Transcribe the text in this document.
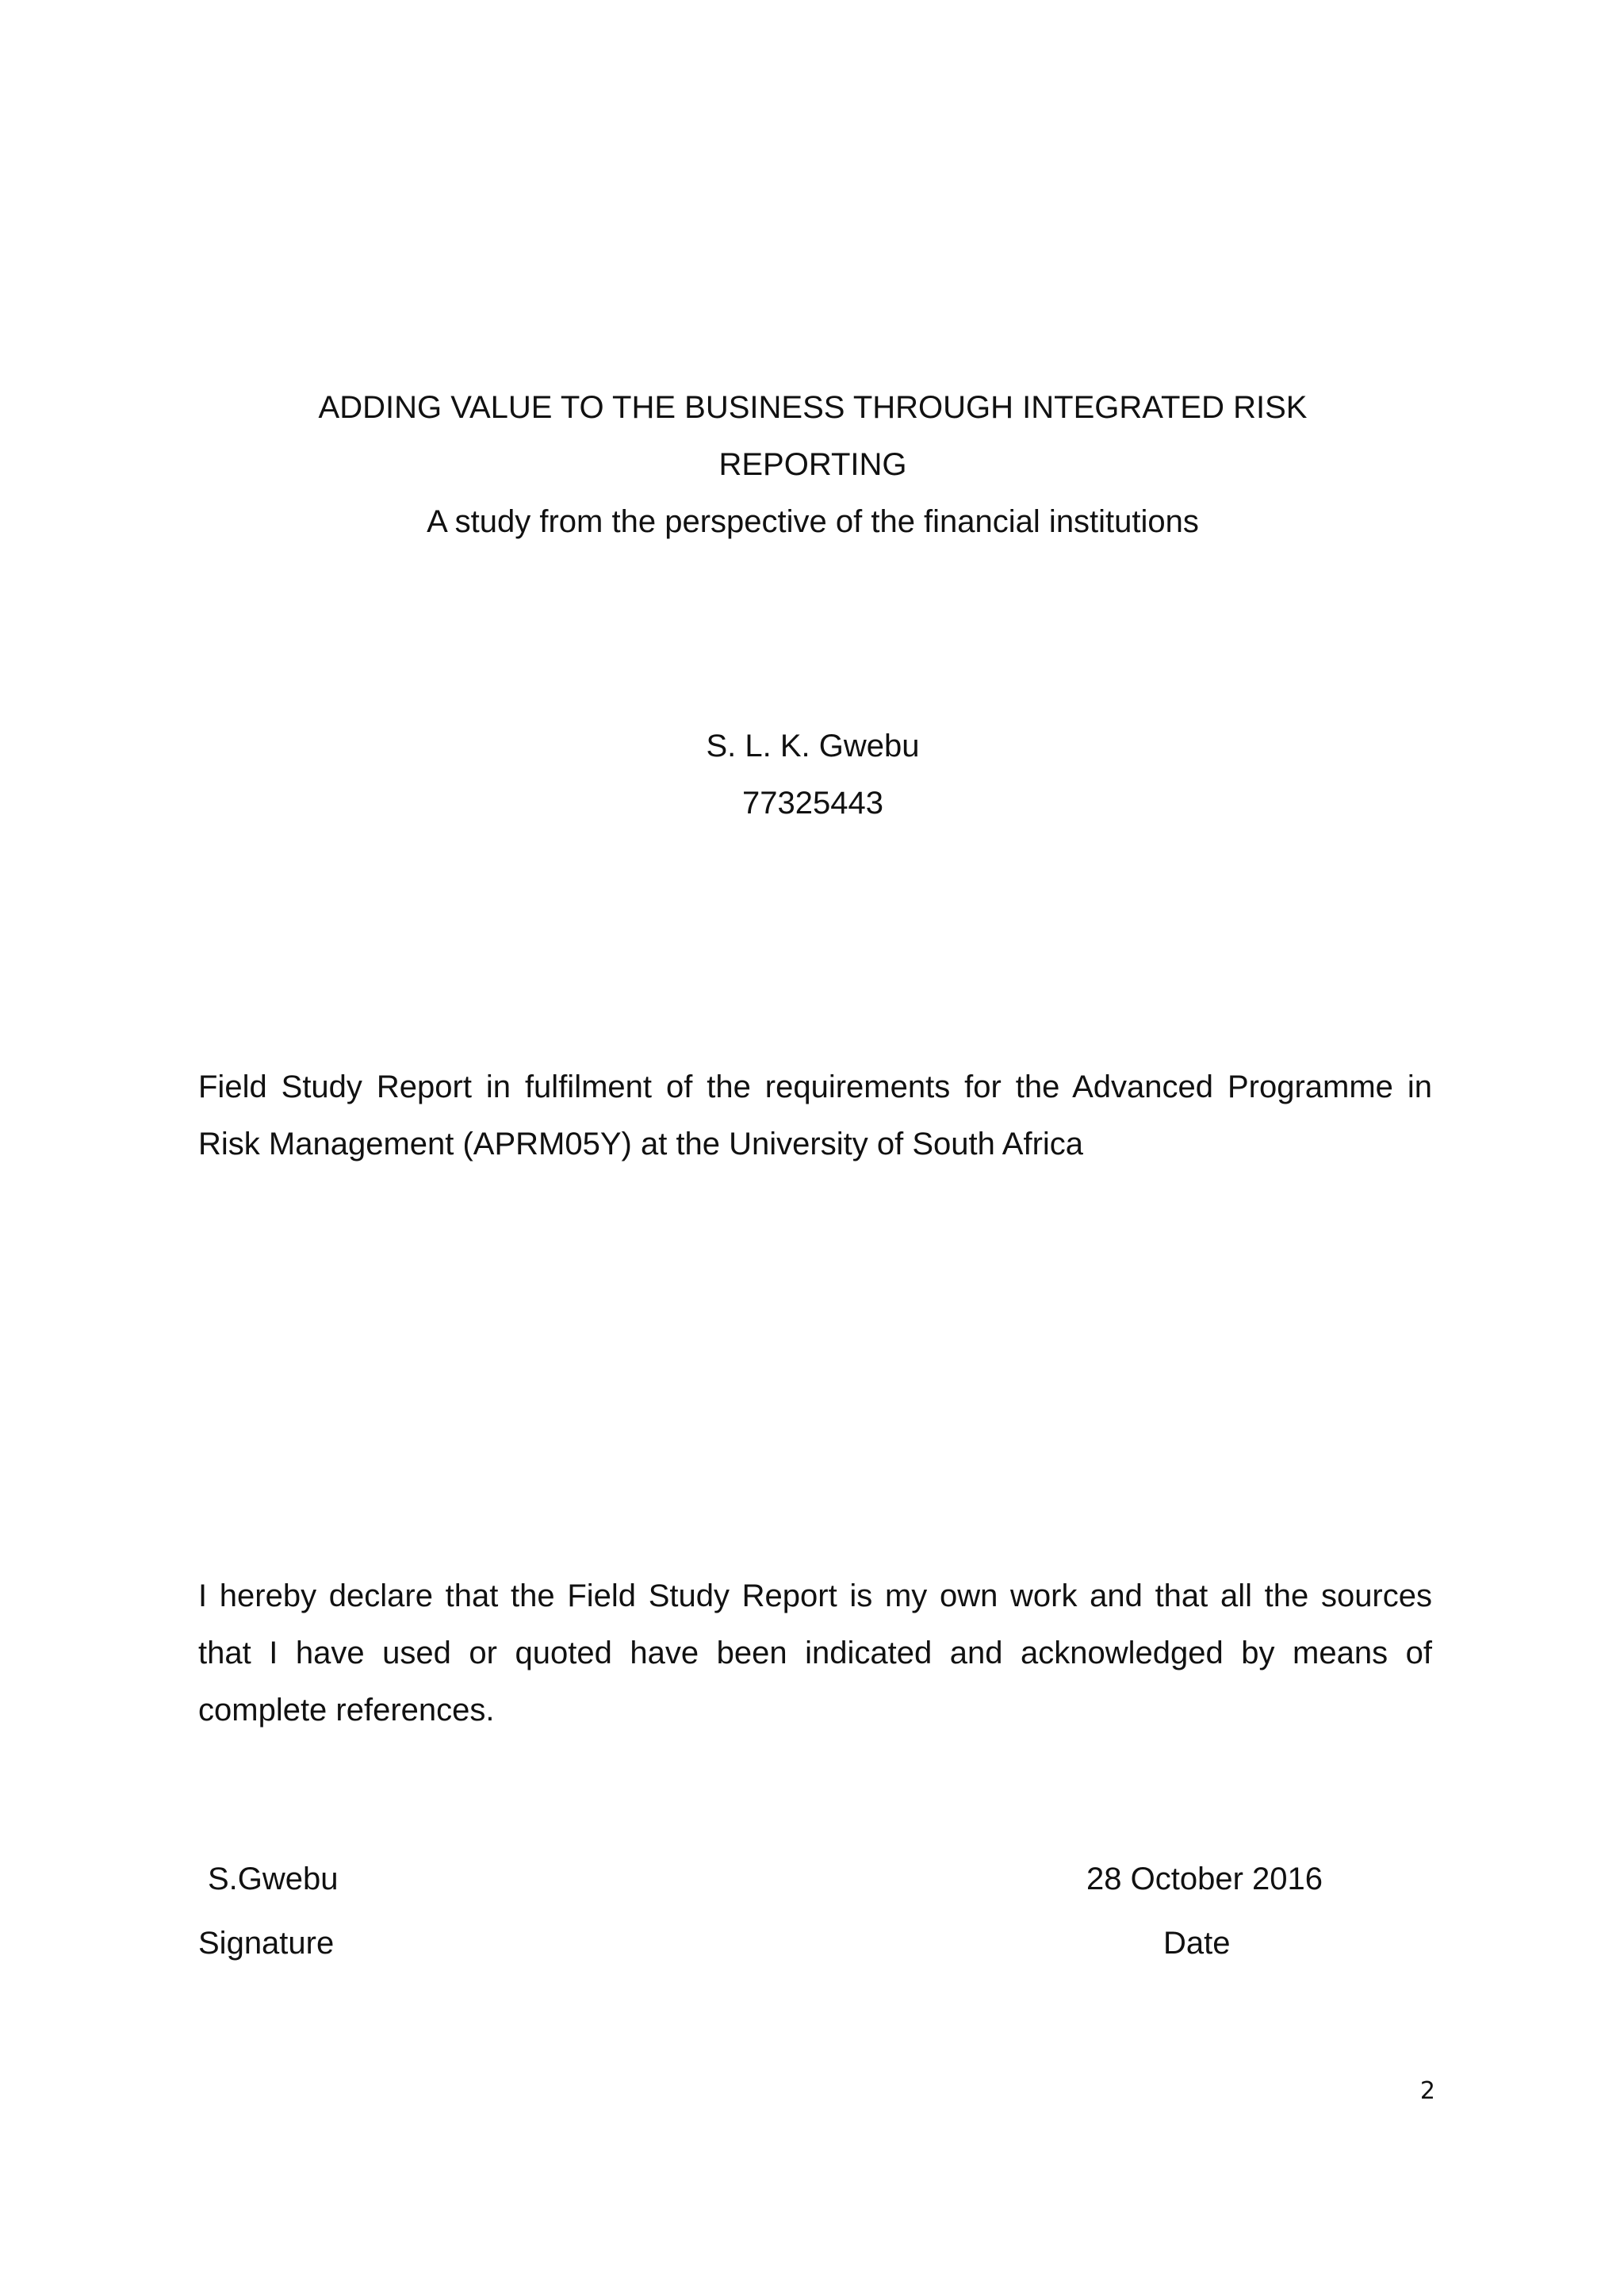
ADDING VALUE TO THE BUSINESS THROUGH INTEGRATED RISK
REPORTING
A study from the perspective of the financial institutions
S. L. K. Gwebu
77325443
Field Study Report in fulfilment of the requirements for the Advanced Programme in Risk Management (APRM05Y) at the University of South Africa
I hereby declare that the Field Study Report is my own work and that all the sources that I have used or quoted have been indicated and acknowledged by means of complete references.
S.Gwebu
Signature
28 October 2016
Date
2
